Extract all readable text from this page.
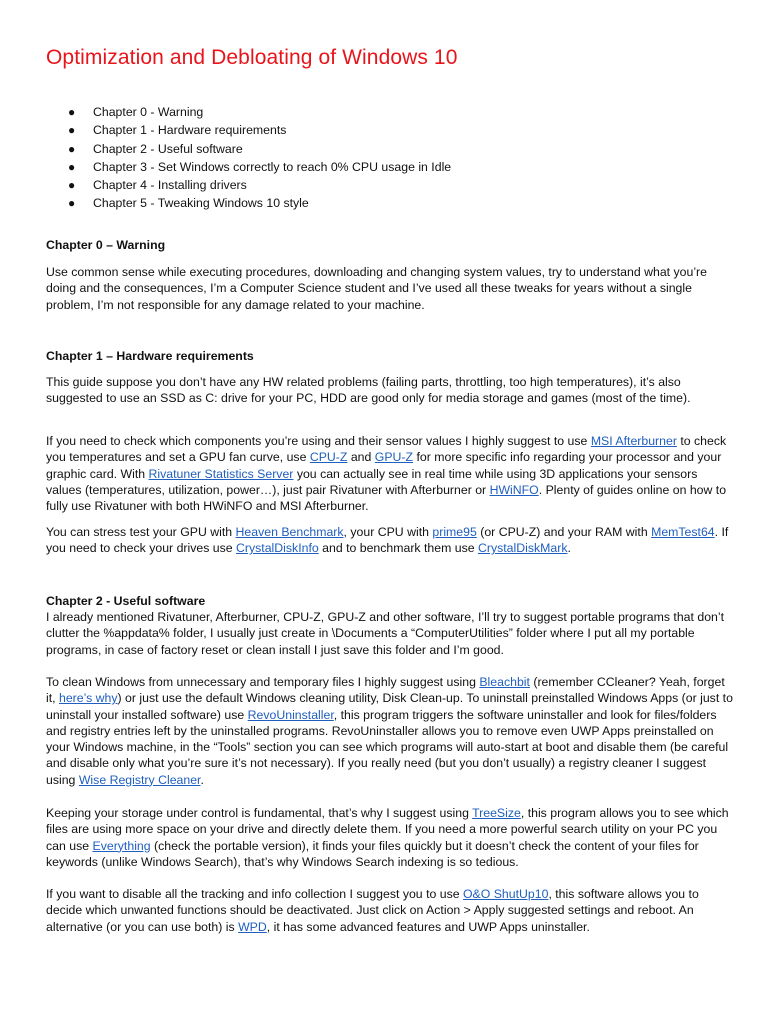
Optimization and Debloating of Windows 10
● Chapter 0 - Warning
● Chapter 1 - Hardware requirements
● Chapter 2 - Useful software
● Chapter 3 - Set Windows correctly to reach 0% CPU usage in Idle
● Chapter 4 - Installing drivers
● Chapter 5 - Tweaking Windows 10 style
Chapter 0 – Warning

Use common sense while executing procedures, downloading and changing system values, try to understand what you’re doing and the consequences, I’m a Computer Science student and I’ve used all these tweaks for years without a single problem, I’m not responsible for any damage related to your machine.

Chapter 1 – Hardware requirements

This guide suppose you don’t have any HW related problems (failing parts, throttling, too high temperatures), it’s also suggested to use an SSD as C: drive for your PC, HDD are good only for media storage and games (most of the time).

If you need to check which components you’re using and their sensor values I highly suggest to use MSI Afterburner to check you temperatures and set a GPU fan curve, use CPU-Z and GPU-Z for more specific info regarding your processor and your graphic card. With Rivatuner Statistics Server you can actually see in real time while using 3D applications your sensors values (temperatures, utilization, power…), just pair Rivatuner with Afterburner or HWiNFO. Plenty of guides online on how to fully use Rivatuner with both HWiNFO and MSI Afterburner.

You can stress test your GPU with Heaven Benchmark, your CPU with prime95 (or CPU-Z) and your RAM with MemTest64. If you need to check your drives use CrystalDiskInfo and to benchmark them use CrystalDiskMark.

Chapter 2 - Useful software

I already mentioned Rivatuner, Afterburner, CPU-Z, GPU-Z and other software, I’ll try to suggest portable programs that don’t clutter the %appdata% folder, I usually just create in \Documents a “ComputerUtilities” folder where I put all my portable programs, in case of factory reset or clean install I just save this folder and I’m good.

To clean Windows from unnecessary and temporary files I highly suggest using Bleachbit (remember CCleaner? Yeah, forget it, here’s why) or just use the default Windows cleaning utility, Disk Clean-up. To uninstall preinstalled Windows Apps (or just to uninstall your installed software) use RevoUninstaller, this program triggers the software uninstaller and look for files/folders and registry entries left by the uninstalled programs. RevoUninstaller allows you to remove even UWP Apps preinstalled on your Windows machine, in the “Tools” section you can see which programs will auto-start at boot and disable them (be careful and disable only what you’re sure it’s not necessary). If you really need (but you don’t usually) a registry cleaner I suggest using Wise Registry Cleaner.

Keeping your storage under control is fundamental, that’s why I suggest using TreeSize, this program allows you to see which files are using more space on your drive and directly delete them. If you need a more powerful search utility on your PC you can use Everything (check the portable version), it finds your files quickly but it doesn’t check the content of your files for keywords (unlike Windows Search), that’s why Windows Search indexing is so tedious.

If you want to disable all the tracking and info collection I suggest you to use O&O ShutUp10, this software allows you to decide which unwanted functions should be deactivated. Just click on Action > Apply suggested settings and reboot. An alternative (or you can use both) is WPD, it has some advanced features and UWP Apps uninstaller.
